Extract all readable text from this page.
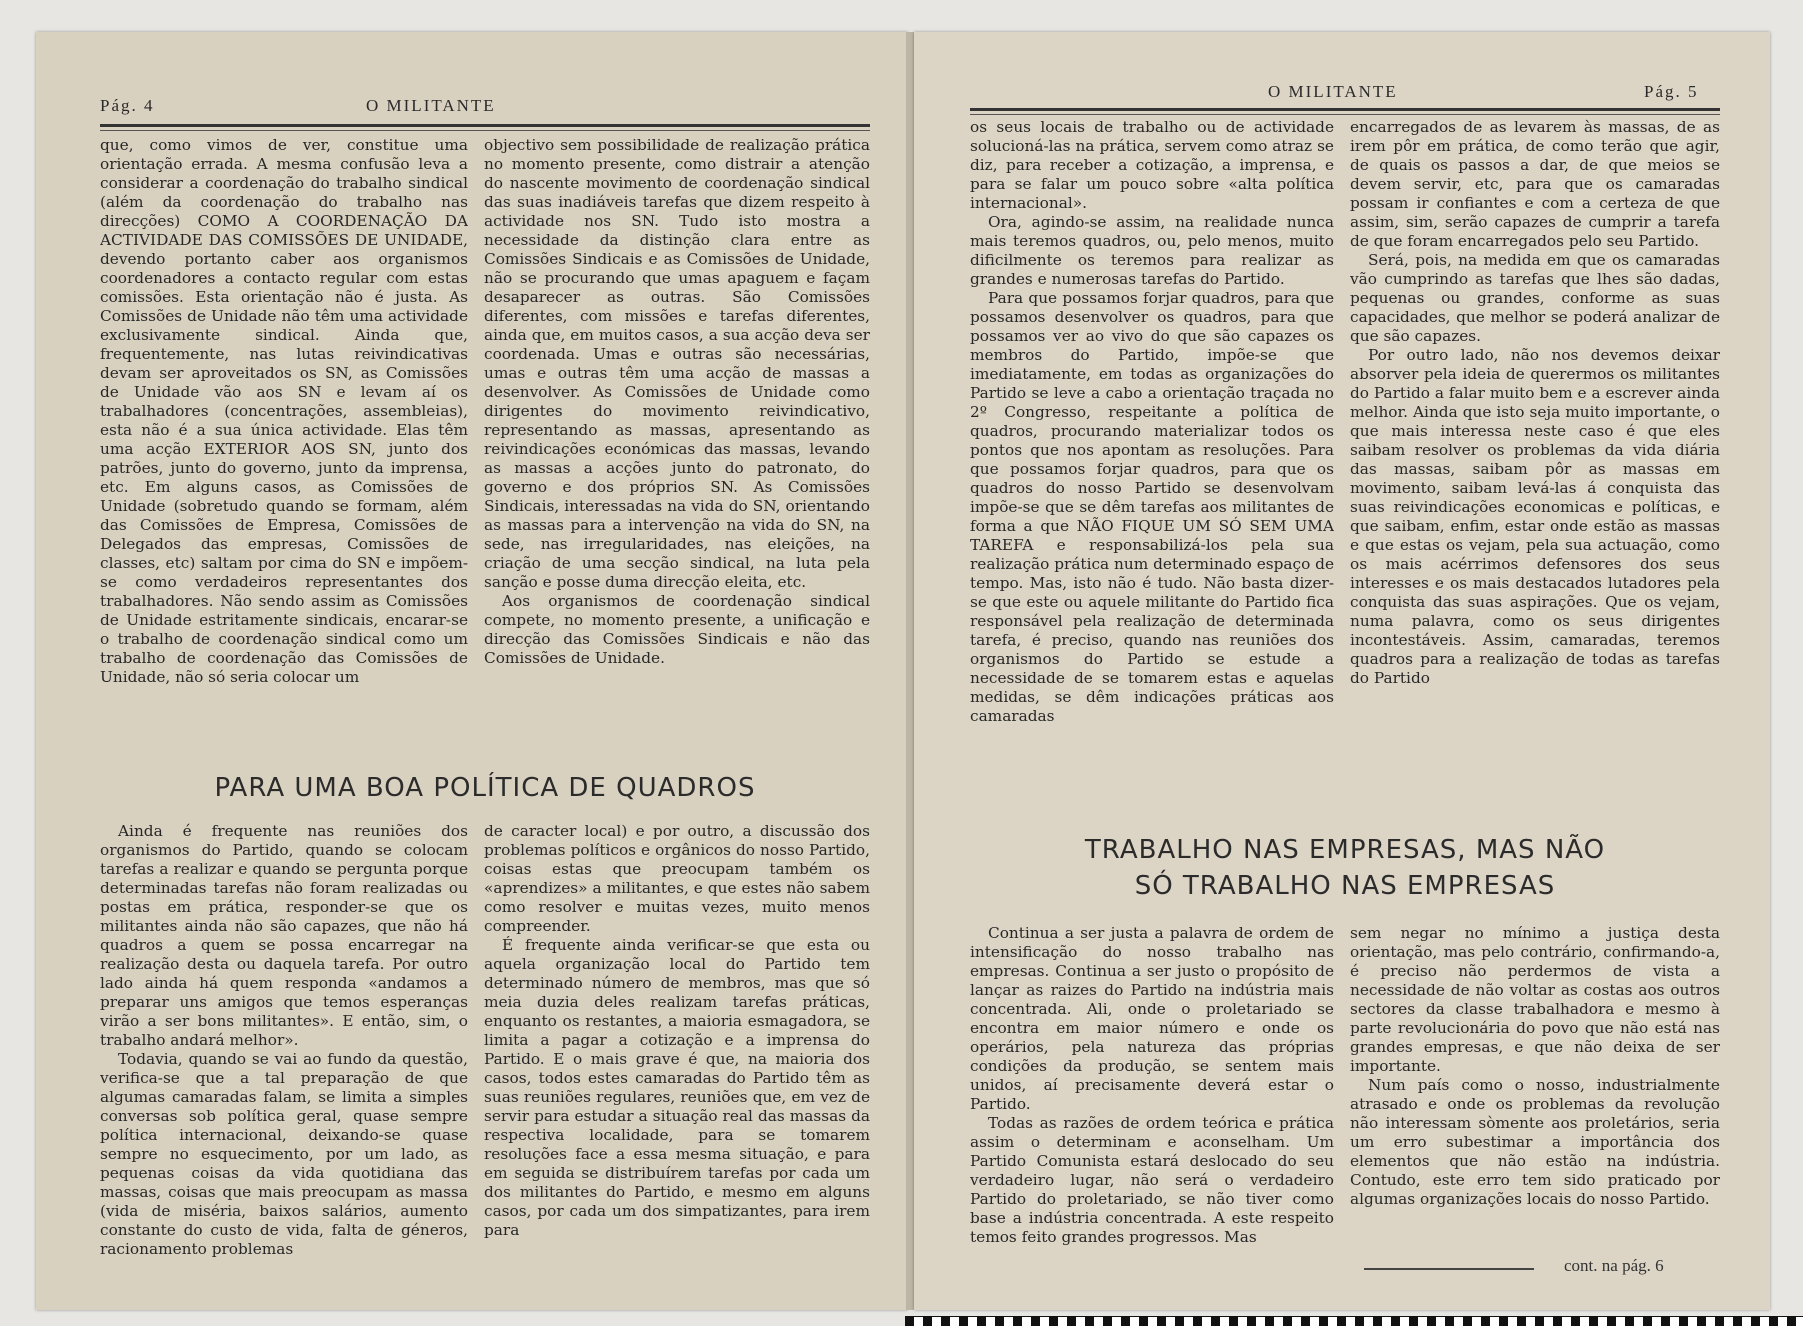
Pág. 4	O MILITANTE

que, como vimos de ver, constitue uma orientação errada. A mesma confusão leva a considerar a coordenação do trabalho sindical (além da coordenação do trabalho nas direcções) COMO A COORDENAÇÃO DA ACTIVIDADE DAS COMISSÕES DE UNIDADE, devendo portanto caber aos organismos coordenadores a contacto regular com estas comissões. Esta orientação não é justa. As Comissões de Unidade não têm uma actividade exclusivamente sindical. Ainda que, frequentemente, nas lutas reivindicativas devam ser aproveitados os SN, as Comissões de Unidade vão aos SN e levam aí os trabalhadores (concentrações, assembleias), esta não é a sua única actividade. Elas têm uma acção EXTERIOR AOS SN, junto dos patrões, junto do governo, junto da imprensa, etc. Em alguns casos, as Comissões de Unidade (sobretudo quando se formam, além das Comissões de Empresa, Comissões de Delegados das empresas, Comissões de classes, etc) saltam por cima do SN e impõem-se como verdadeiros representantes dos trabalhadores. Não sendo assim as Comissões de Unidade estritamente sindicais, encarar-se o trabalho de coordenação sindical como um trabalho de coordenação das Comissões de Unidade, não só seria colocar um

objectivo sem possibilidade de realização prática no momento presente, como distrair a atenção do nascente movimento de coordenação sindical das suas inadiáveis tarefas que dizem respeito à actividade nos SN. Tudo isto mostra a necessidade da distinção clara entre as Comissões Sindicais e as Comissões de Unidade, não se procurando que umas apaguem e façam desaparecer as outras. São Comissões diferentes, com missões e tarefas diferentes, ainda que, em muitos casos, a sua acção deva ser coordenada. Umas e outras são necessárias, umas e outras têm uma acção de massas a desenvolver. As Comissões de Unidade como dirigentes do movimento reivindicativo, representando as massas, apresentando as reivindicações económicas das massas, levando as massas a acções junto do patronato, do governo e dos próprios SN. As Comissões Sindicais, interessadas na vida do SN, orientando as massas para a intervenção na vida do SN, na sede, nas irregularidades, nas eleições, na criação de uma secção sindical, na luta pela sanção e posse duma direcção eleita, etc.

Aos organismos de coordenação sindical compete, no momento presente, a unificação e direcção das Comissões Sindicais e não das Comissões de Unidade.

PARA UMA BOA POLÍTICA DE QUADROS

Ainda é frequente nas reuniões dos organismos do Partido, quando se colocam tarefas a realizar e quando se pergunta porque determinadas tarefas não foram realizadas ou postas em prática, responder-se que os militantes ainda não são capazes, que não há quadros a quem se possa encarregar na realização desta ou daquela tarefa. Por outro lado ainda há quem responda «andamos a preparar uns amigos que temos esperanças virão a ser bons militantes». E então, sim, o trabalho andará melhor».

Todavia, quando se vai ao fundo da questão, verifica-se que a tal preparação de que algumas camaradas falam, se limita a simples conversas sob política geral, quase sempre política internacional, deixando-se quase sempre no esquecimento, por um lado, as pequenas coisas da vida quotidiana das massas, coisas que mais preocupam as massa (vida de miséria, baixos salários, aumento constante do custo de vida, falta de géneros, racionamento problemas

de caracter local) e por outro, a discussão dos problemas políticos e orgânicos do nosso Partido, coisas estas que preocupam também os «aprendizes» a militantes, e que estes não sabem como resolver e muitas vezes, muito menos compreender.

É frequente ainda verificar-se que esta ou aquela organização local do Partido tem determinado número de membros, mas que só meia duzia deles realizam tarefas práticas, enquanto os restantes, a maioria esmagadora, se limita a pagar a cotização e a imprensa do Partido. E o mais grave é que, na maioria dos casos, todos estes camaradas do Partido têm as suas reuniões regulares, reuniões que, em vez de servir para estudar a situação real das massas da respectiva localidade, para se tomarem resoluções face a essa mesma situação, e para em seguida se distribuírem tarefas por cada um dos militantes do Partido, e mesmo em alguns casos, por cada um dos simpatizantes, para irem para

O MILITANTE	Pág. 5

os seus locais de trabalho ou de actividade solucioná-las na prática, servem como atraz se diz, para receber a cotização, a imprensa, e para se falar um pouco sobre «alta política internacional».

Ora, agindo-se assim, na realidade nunca mais teremos quadros, ou, pelo menos, muito dificilmente os teremos para realizar as grandes e numerosas tarefas do Partido.

Para que possamos forjar quadros, para que possamos desenvolver os quadros, para que possamos ver ao vivo do que são capazes os membros do Partido, impõe-se que imediatamente, em todas as organizações do Partido se leve a cabo a orientação traçada no 2º Congresso, respeitante a política de quadros, procurando materializar todos os pontos que nos apontam as resoluções. Para que possamos forjar quadros, para que os quadros do nosso Partido se desenvolvam impõe-se que se dêm tarefas aos militantes de forma a que NÃO FIQUE UM SÓ SEM UMA TAREFA e responsabilizá-los pela sua realização prática num determinado espaço de tempo. Mas, isto não é tudo. Não basta dizer-se que este ou aquele militante do Partido fica responsável pela realização de determinada tarefa, é preciso, quando nas reuniões dos organismos do Partido se estude a necessidade de se tomarem estas e aquelas medidas, se dêm indicações práticas aos camaradas

encarregados de as levarem às massas, de as irem pôr em prática, de como terão que agir, de quais os passos a dar, de que meios se devem servir, etc, para que os camaradas possam ir confiantes e com a certeza de que assim, sim, serão capazes de cumprir a tarefa de que foram encarregados pelo seu Partido.

Será, pois, na medida em que os camaradas vão cumprindo as tarefas que lhes são dadas, pequenas ou grandes, conforme as suas capacidades, que melhor se poderá analizar de que são capazes.

Por outro lado, não nos devemos deixar absorver pela ideia de querermos os militantes do Partido a falar muito bem e a escrever ainda melhor. Ainda que isto seja muito importante, o que mais interessa neste caso é que eles saibam resolver os problemas da vida diária das massas, saibam pôr as massas em movimento, saibam levá-las á conquista das suas reivindicações economicas e políticas, e que saibam, enfim, estar onde estão as massas e que estas os vejam, pela sua actuação, como os mais acérrimos defensores dos seus interesses e os mais destacados lutadores pela conquista das suas aspirações. Que os vejam, numa palavra, como os seus dirigentes incontestáveis. Assim, camaradas, teremos quadros para a realização de todas as tarefas do Partido

TRABALHO NAS EMPRESAS, MAS NÃO
SÓ TRABALHO NAS EMPRESAS

Continua a ser justa a palavra de ordem de intensificação do nosso trabalho nas empresas. Continua a ser justo o propósito de lançar as raizes do Partido na indústria mais concentrada. Ali, onde o proletariado se encontra em maior número e onde os operários, pela natureza das próprias condições da produção, se sentem mais unidos, aí precisamente deverá estar o Partido.

Todas as razões de ordem teórica e prática assim o determinam e aconselham. Um Partido Comunista estará deslocado do seu verdadeiro lugar, não será o verdadeiro Partido do proletariado, se não tiver como base a indústria concentrada. A este respeito temos feito grandes progressos. Mas

sem negar no mínimo a justiça desta orientação, mas pelo contrário, confirmando-a, é preciso não perdermos de vista a necessidade de não voltar as costas aos outros sectores da classe trabalhadora e mesmo à parte revolucionária do povo que não está nas grandes empresas, e que não deixa de ser importante.

Num país como o nosso, industrialmente atrasado e onde os problemas da revolução não interessam sòmente aos proletários, seria um erro subestimar a importância dos elementos que não estão na indústria. Contudo, este erro tem sido praticado por algumas organizações locais do nosso Partido.

cont. na pág. 6
